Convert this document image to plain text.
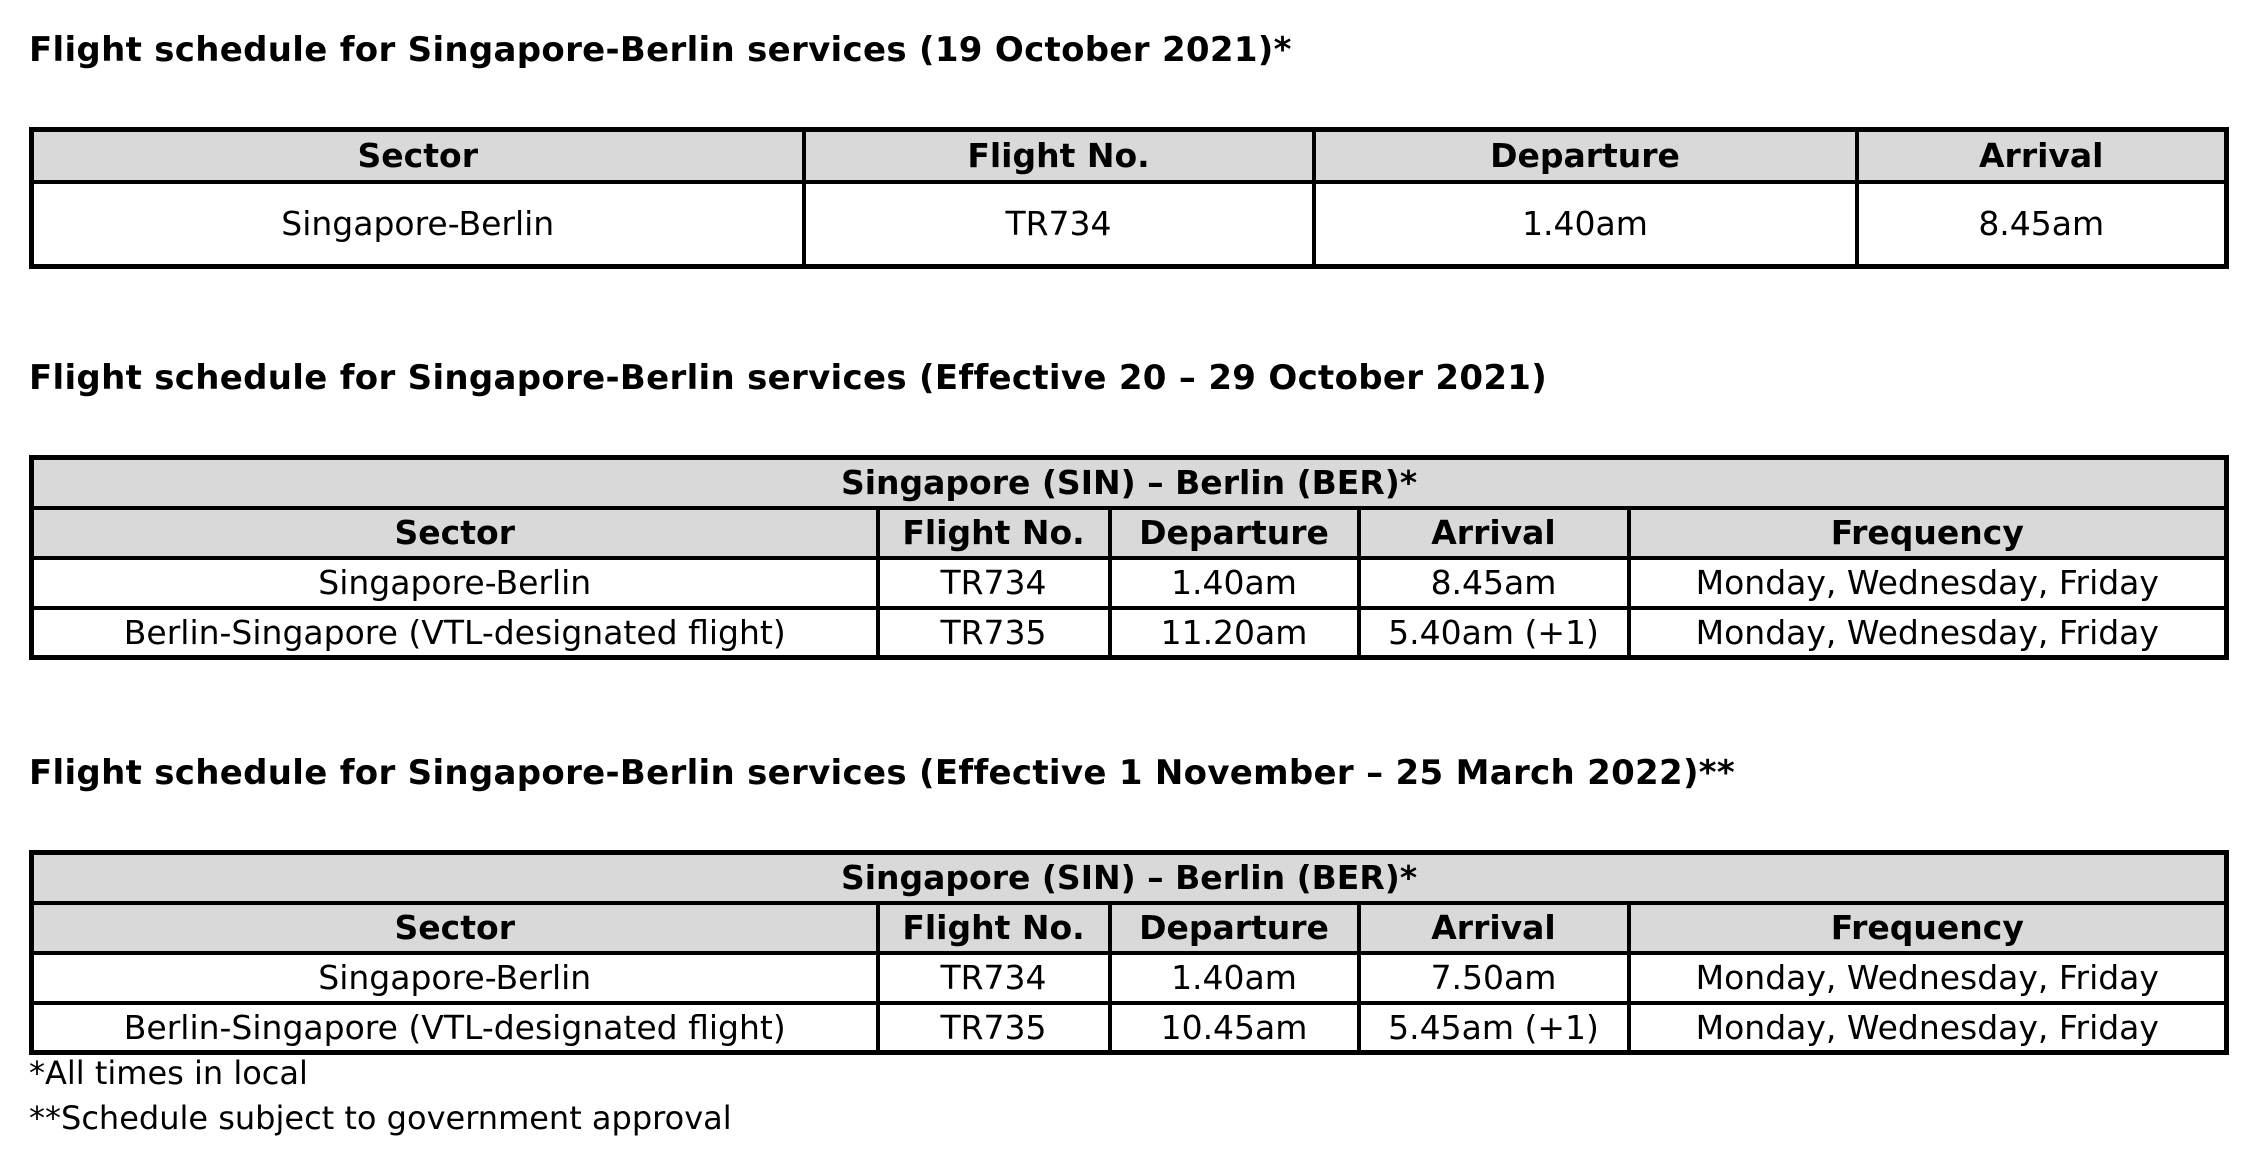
Flight schedule for Singapore-Berlin services (19 October 2021)*
Sector	Flight No.	Departure	Arrival
Singapore-Berlin	TR734	1.40am	8.45am
Flight schedule for Singapore-Berlin services (Effective 20 – 29 October 2021)
Singapore (SIN) – Berlin (BER)*				
Sector	Flight No.	Departure	Arrival	Frequency
Singapore-Berlin	TR734	1.40am	8.45am	Monday, Wednesday, Friday
Berlin-Singapore (VTL-designated flight)	TR735	11.20am	5.40am (+1)	Monday, Wednesday, Friday
Flight schedule for Singapore-Berlin services (Effective 1 November – 25 March 2022)**
Singapore (SIN) – Berlin (BER)*				
Sector	Flight No.	Departure	Arrival	Frequency
Singapore-Berlin	TR734	1.40am	7.50am	Monday, Wednesday, Friday
Berlin-Singapore (VTL-designated flight)	TR735	10.45am	5.45am (+1)	Monday, Wednesday, Friday

*All times in local

**Schedule subject to government approval
